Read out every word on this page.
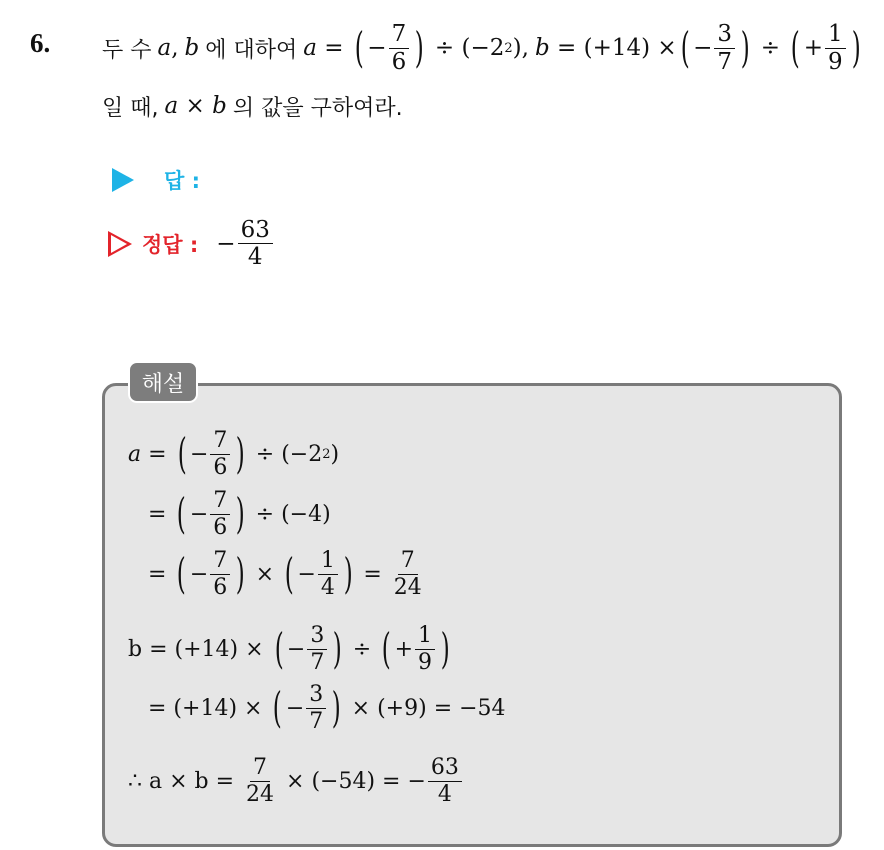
6. 두 수 a , b 에 대하여 a = ( − $\frac{7}{6}$ )
÷ (−2 2 ) , b = (+14) × ( − $\frac{3}{7}$ ) ÷ ( + $\frac{1}{9}$ )
일 때, a × b 의 값을 구하여라.
답 :
정답 : − $\frac{63}{4}$
해설
a =
( − $\frac{7}{6}$ )
÷ (−2 2 )
= ( − $\frac{7}{6}$ )
÷ (−4)
= ( − $\frac{7}{6}$ )
×
( − $\frac{1}{4}$ )
=
$\frac{7}{24}$
b = (+14) ×
( − $\frac{3}{7}$ )
÷
( + $\frac{1}{9}$ )
= (+14) ×
( − $\frac{3}{7}$ )
× (+9) = −54
∴ a × b =
$\frac{7}{24}$
× (−54) = − $\frac{63}{4}$
